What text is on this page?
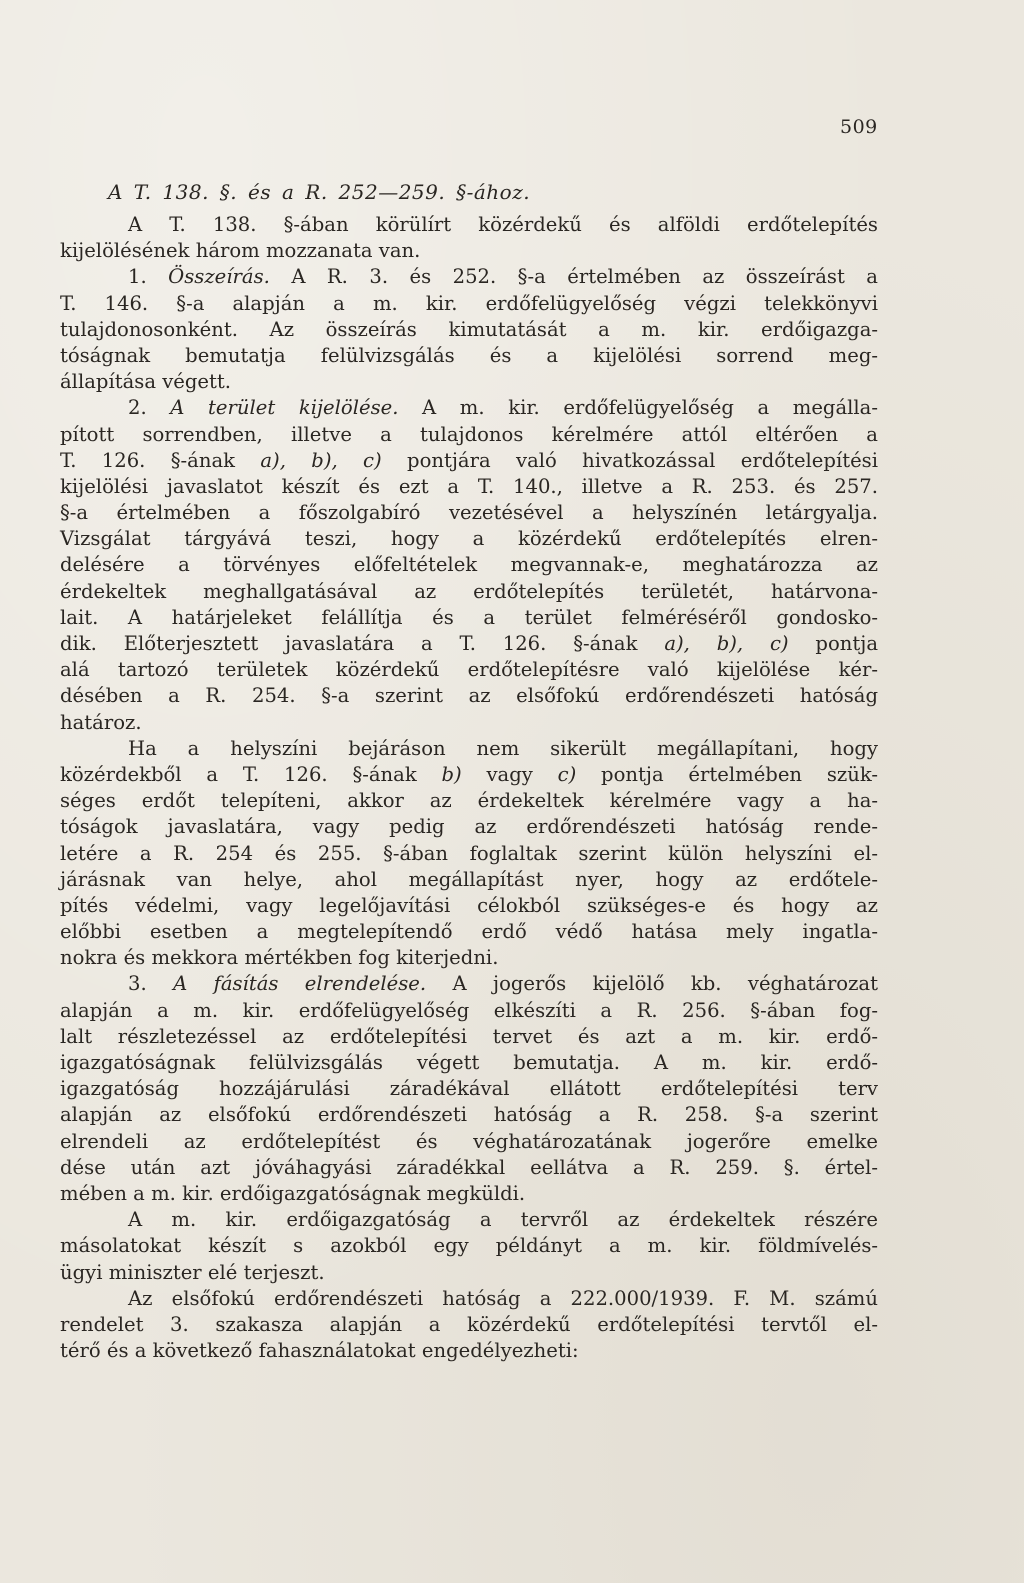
509
A T. 138. §. és a R. 252—259. §-ához.
A T. 138. §-ában körülírt közérdekű és alföldi erdőtelepítés
kijelölésének három mozzanata van.
1. Összeírás. A R. 3. és 252. §-a értelmében az összeírást a
T. 146. §-a alapján a m. kir. erdőfelügyelőség végzi telekkönyvi
tulajdonosonként. Az összeírás kimutatását a m. kir. erdőigazga-
tóságnak bemutatja felülvizsgálás és a kijelölési sorrend meg-
állapítása végett.
2. A terület kijelölése. A m. kir. erdőfelügyelőség a megálla-
pított sorrendben, illetve a tulajdonos kérelmére attól eltérően a
T. 126. §-ának a), b), c) pontjára való hivatkozással erdőtelepítési
kijelölési javaslatot készít és ezt a T. 140., illetve a R. 253. és 257.
§-a értelmében a főszolgabíró vezetésével a helyszínén letárgyalja.
Vizsgálat tárgyává teszi, hogy a közérdekű erdőtelepítés elren-
delésére a törvényes előfeltételek megvannak-e, meghatározza az
érdekeltek meghallgatásával az erdőtelepítés területét, határvona-
lait. A határjeleket felállítja és a terület felméréséről gondosko-
dik. Előterjesztett javaslatára a T. 126. §-ának a), b), c) pontja
alá tartozó területek közérdekű erdőtelepítésre való kijelölése kér-
désében a R. 254. §-a szerint az elsőfokú erdőrendészeti hatóság
határoz.
Ha a helyszíni bejáráson nem sikerült megállapítani, hogy
közérdekből a T. 126. §-ának b) vagy c) pontja értelmében szük-
séges erdőt telepíteni, akkor az érdekeltek kérelmére vagy a ha-
tóságok javaslatára, vagy pedig az erdőrendészeti hatóság rende-
letére a R. 254 és 255. §-ában foglaltak szerint külön helyszíni el-
járásnak van helye, ahol megállapítást nyer, hogy az erdőtele-
pítés védelmi, vagy legelőjavítási célokból szükséges-e és hogy az
előbbi esetben a megtelepítendő erdő védő hatása mely ingatla-
nokra és mekkora mértékben fog kiterjedni.
3. A fásítás elrendelése. A jogerős kijelölő kb. véghatározat
alapján a m. kir. erdőfelügyelőség elkészíti a R. 256. §-ában fog-
lalt részletezéssel az erdőtelepítési tervet és azt a m. kir. erdő-
igazgatóságnak felülvizsgálás végett bemutatja. A m. kir. erdő-
igazgatóság hozzájárulási záradékával ellátott erdőtelepítési terv
alapján az elsőfokú erdőrendészeti hatóság a R. 258. §-a szerint
elrendeli az erdőtelepítést és véghatározatának jogerőre emelke
dése után azt jóváhagyási záradékkal eellátva a R. 259. §. értel-
mében a m. kir. erdőigazgatóságnak megküldi.
A m. kir. erdőigazgatóság a tervről az érdekeltek részére
másolatokat készít s azokból egy példányt a m. kir. földmívelés-
ügyi miniszter elé terjeszt.
Az elsőfokú erdőrendészeti hatóság a 222.000/1939. F. M. számú
rendelet 3. szakasza alapján a közérdekű erdőtelepítési tervtől el-
térő és a következő fahasználatokat engedélyezheti:
